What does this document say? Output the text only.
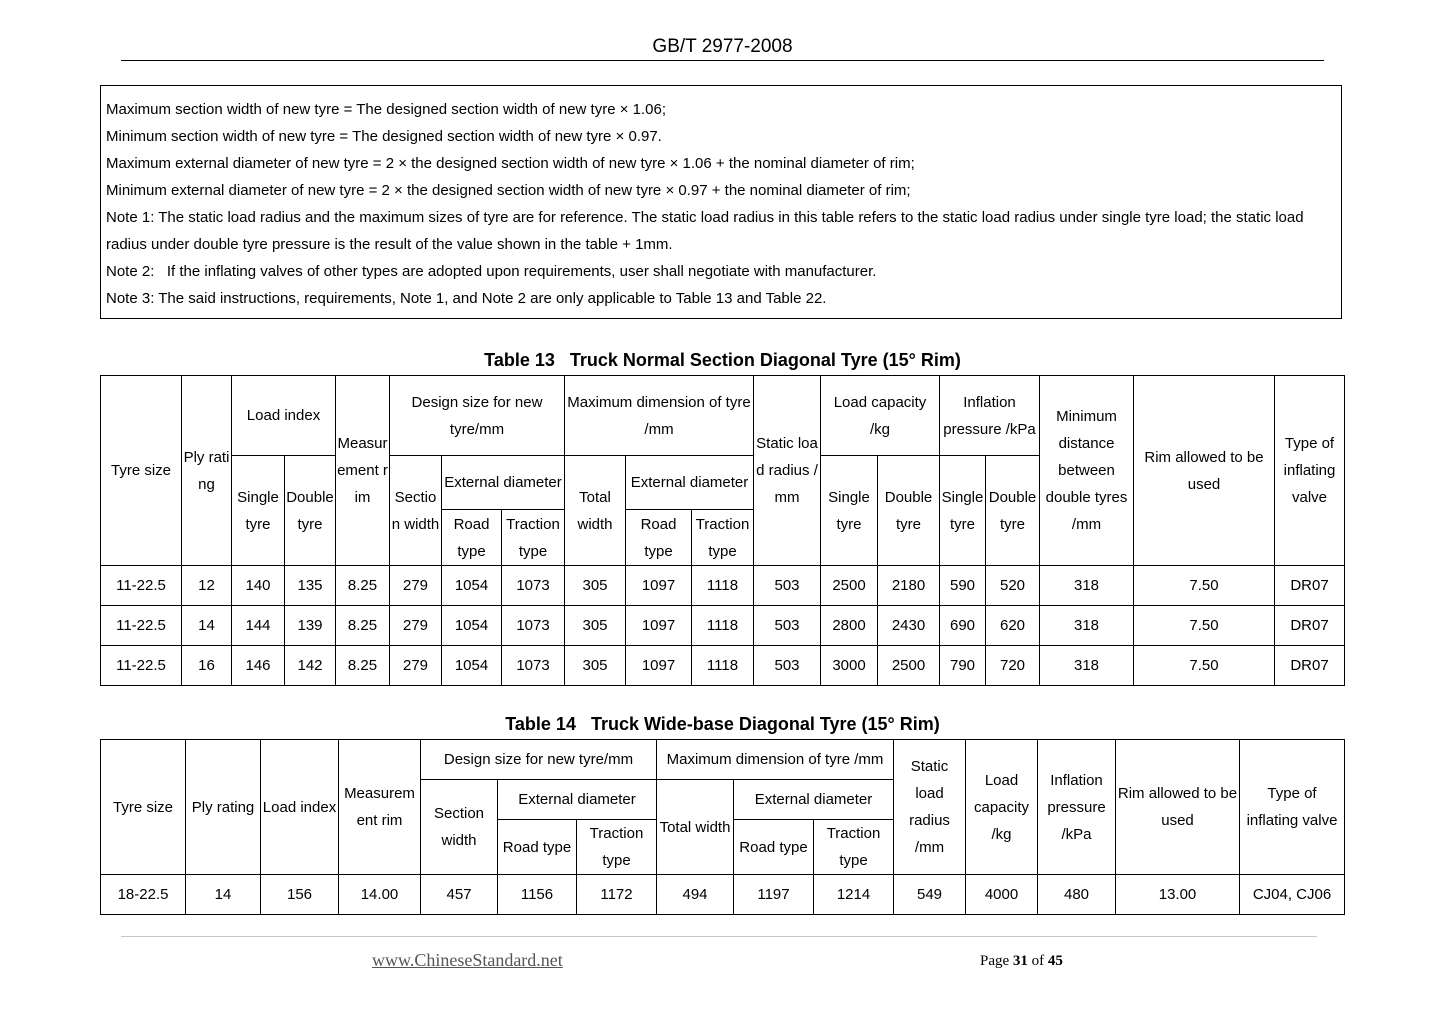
GB/T 2977-2008

Maximum section width of new tyre = The designed section width of new tyre × 1.06;

Minimum section width of new tyre = The designed section width of new tyre × 0.97.

Maximum external diameter of new tyre = 2 × the designed section width of new tyre × 1.06 + the nominal diameter of rim;

Minimum external diameter of new tyre = 2 × the designed section width of new tyre × 0.97 + the nominal diameter of rim;

Note 1: The static load radius and the maximum sizes of tyre are for reference. The static load radius in this table refers to the static load radius under single tyre load; the static load radius under double tyre pressure is the result of the value shown in the table + 1mm.

Note 2:   If the inflating valves of other types are adopted upon requirements, user shall negotiate with manufacturer.

Note 3: The said instructions, requirements, Note 1, and Note 2 are only applicable to Table 13 and Table 22.

Table 13   Truck Normal Section Diagonal Tyre (15° Rim)
Tyre size	Ply rating	Load index		Measurement rim	Design size for new tyre/mm			Maximum dimension of tyre /mm			Static load radius /mm	Load capacity /kg		Inflation pressure /kPa		Minimum distance between double tyres /mm	Rim allowed to be used	Type of inflating valve
		Single tyre	Double tyre		Section width	External diameter		Total width	External diameter			Single tyre	Double tyre	Single tyre	Double tyre			
						Road type	Traction type		Road type	Traction type								
11-22.5	12	140	135	8.25	279	1054	1073	305	1097	1118	503	2500	2180	590	520	318	7.50	DR07
11-22.5	14	144	139	8.25	279	1054	1073	305	1097	1118	503	2800	2430	690	620	318	7.50	DR07
11-22.5	16	146	142	8.25	279	1054	1073	305	1097	1118	503	3000	2500	790	720	318	7.50	DR07
Table 14   Truck Wide-base Diagonal Tyre (15° Rim)
Tyre size	Ply rating	Load index	Measurement rim	Design size for new tyre/mm			Maximum dimension of tyre /mm			Static load radius /mm	Load capacity /kg	Inflation pressure /kPa	Rim allowed to be used	Type of inflating valve
				Section width	External diameter		Total width	External diameter						
					Road type	Traction type		Road type	Traction type					
18-22.5	14	156	14.00	457	1156	1172	494	1197	1214	549	4000	480	13.00	CJ04, CJ06
www.ChineseStandard.net	Page 31 of 45
